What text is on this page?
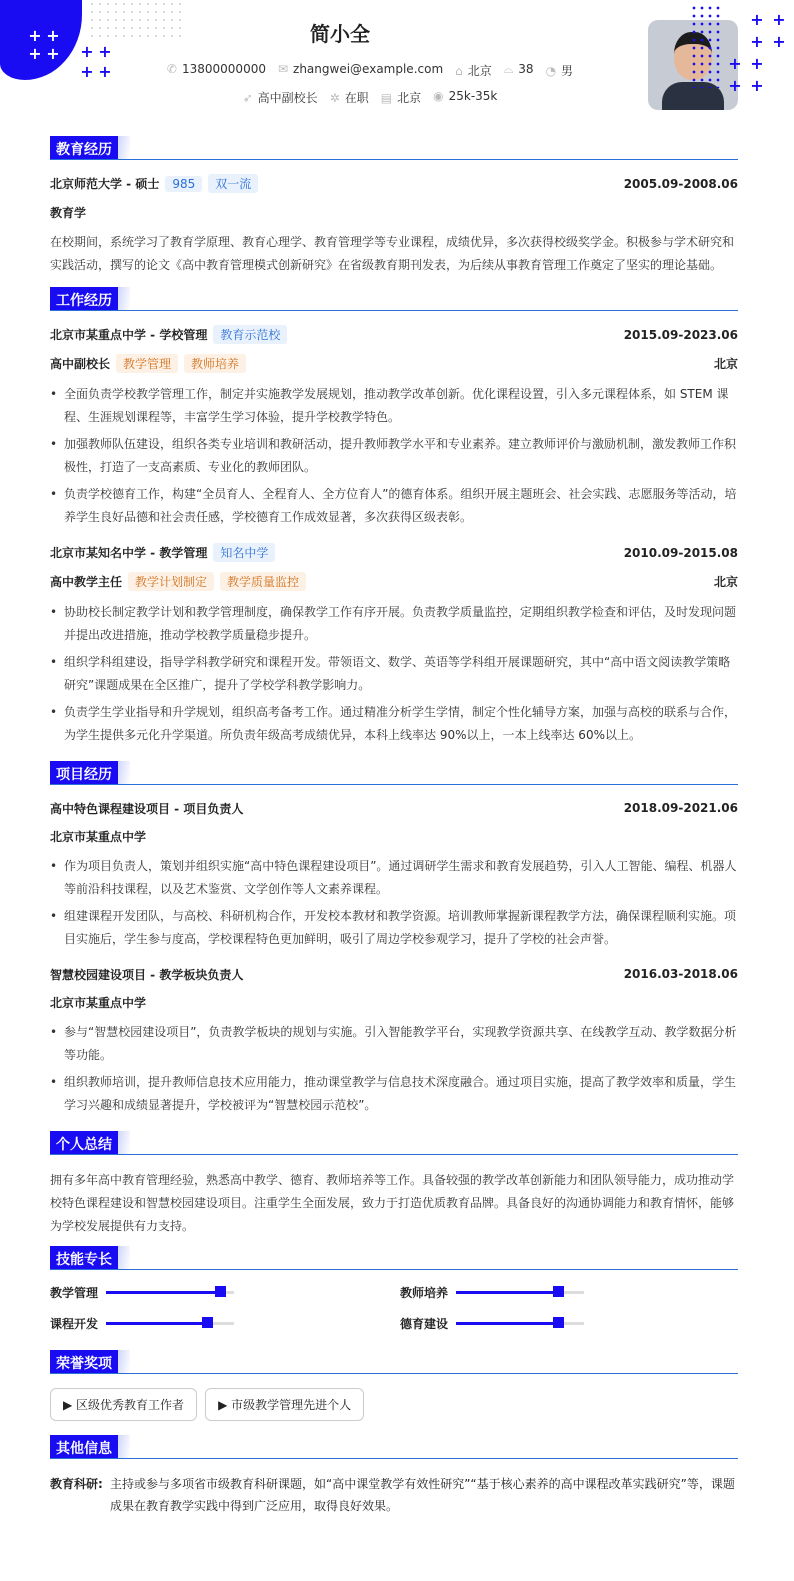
+ +
+ + + +
+ +
+ +
+ +
简小全
✆ 13800000000 ✉ zhangwei@example.com ⌂ 北京 ⌓ 38 ◔ 男
➶ 高中副校长 ✲ 在职 ▤ 北京 ◉ 25k-35k
+ +
+ +
教育经历
北京师范大学 - 硕士 985 双一流	2005.09-2008.06
教育学

在校期间，系统学习了教育学原理、教育心理学、教育管理学等专业课程，成绩优异，多次获得校级奖学金。积极参与学术研究和实践活动，撰写的论文《高中教育管理模式创新研究》在省级教育期刊发表，为后续从事教育管理工作奠定了坚实的理论基础。

工作经历
北京市某重点中学 - 学校管理 教育示范校	2015.09-2023.06
高中副校长 教学管理 教师培养	北京
• 全面负责学校教学管理工作，制定并实施教学发展规划，推动教学改革创新。优化课程设置，引入多元课程体系，如 STEM 课程、生涯规划课程等，丰富学生学习体验，提升学校教学特色。
• 加强教师队伍建设，组织各类专业培训和教研活动，提升教师教学水平和专业素养。建立教师评价与激励机制，激发教师工作积极性，打造了一支高素质、专业化的教师团队。
• 负责学校德育工作，构建“全员育人、全程育人、全方位育人”的德育体系。组织开展主题班会、社会实践、志愿服务等活动，培养学生良好品德和社会责任感，学校德育工作成效显著，多次获得区级表彰。
北京市某知名中学 - 教学管理 知名中学	2010.09-2015.08
高中教学主任 教学计划制定 教学质量监控	北京
• 协助校长制定教学计划和教学管理制度，确保教学工作有序开展。负责教学质量监控，定期组织教学检查和评估，及时发现问题并提出改进措施，推动学校教学质量稳步提升。
• 组织学科组建设，指导学科教学研究和课程开发。带领语文、数学、英语等学科组开展课题研究，其中“高中语文阅读教学策略研究”课题成果在全区推广，提升了学校学科教学影响力。
• 负责学生学业指导和升学规划，组织高考备考工作。通过精准分析学生学情，制定个性化辅导方案，加强与高校的联系与合作，为学生提供多元化升学渠道。所负责年级高考成绩优异，本科上线率达 90%以上，一本上线率达 60%以上。
项目经历
高中特色课程建设项目 - 项目负责人	2018.09-2021.06
北京市某重点中学
• 作为项目负责人，策划并组织实施“高中特色课程建设项目”。通过调研学生需求和教育发展趋势，引入人工智能、编程、机器人等前沿科技课程，以及艺术鉴赏、文学创作等人文素养课程。
• 组建课程开发团队，与高校、科研机构合作，开发校本教材和教学资源。培训教师掌握新课程教学方法，确保课程顺利实施。项目实施后，学生参与度高，学校课程特色更加鲜明，吸引了周边学校参观学习，提升了学校的社会声誉。
智慧校园建设项目 - 教学板块负责人	2016.03-2018.06
北京市某重点中学
• 参与“智慧校园建设项目”，负责教学板块的规划与实施。引入智能教学平台，实现教学资源共享、在线教学互动、教学数据分析等功能。
• 组织教师培训，提升教师信息技术应用能力，推动课堂教学与信息技术深度融合。通过项目实施，提高了教学效率和质量，学生学习兴趣和成绩显著提升，学校被评为“智慧校园示范校”。
个人总结

拥有多年高中教育管理经验，熟悉高中教学、德育、教师培养等工作。具备较强的教学改革创新能力和团队领导能力，成功推动学校特色课程建设和智慧校园建设项目。注重学生全面发展，致力于打造优质教育品牌。具备良好的沟通协调能力和教育情怀，能够为学校发展提供有力支持。

技能专长
教学管理	教师培养
课程开发	德育建设
荣誉奖项
▶ 区级优秀教育工作者	▶ 市级教学管理先进个人
其他信息
教育科研: 主持或参与多项省市级教育科研课题，如“高中课堂教学有效性研究”“基于核心素养的高中课程改革实践研究”等，课题成果在教育教学实践中得到广泛应用，取得良好效果。
